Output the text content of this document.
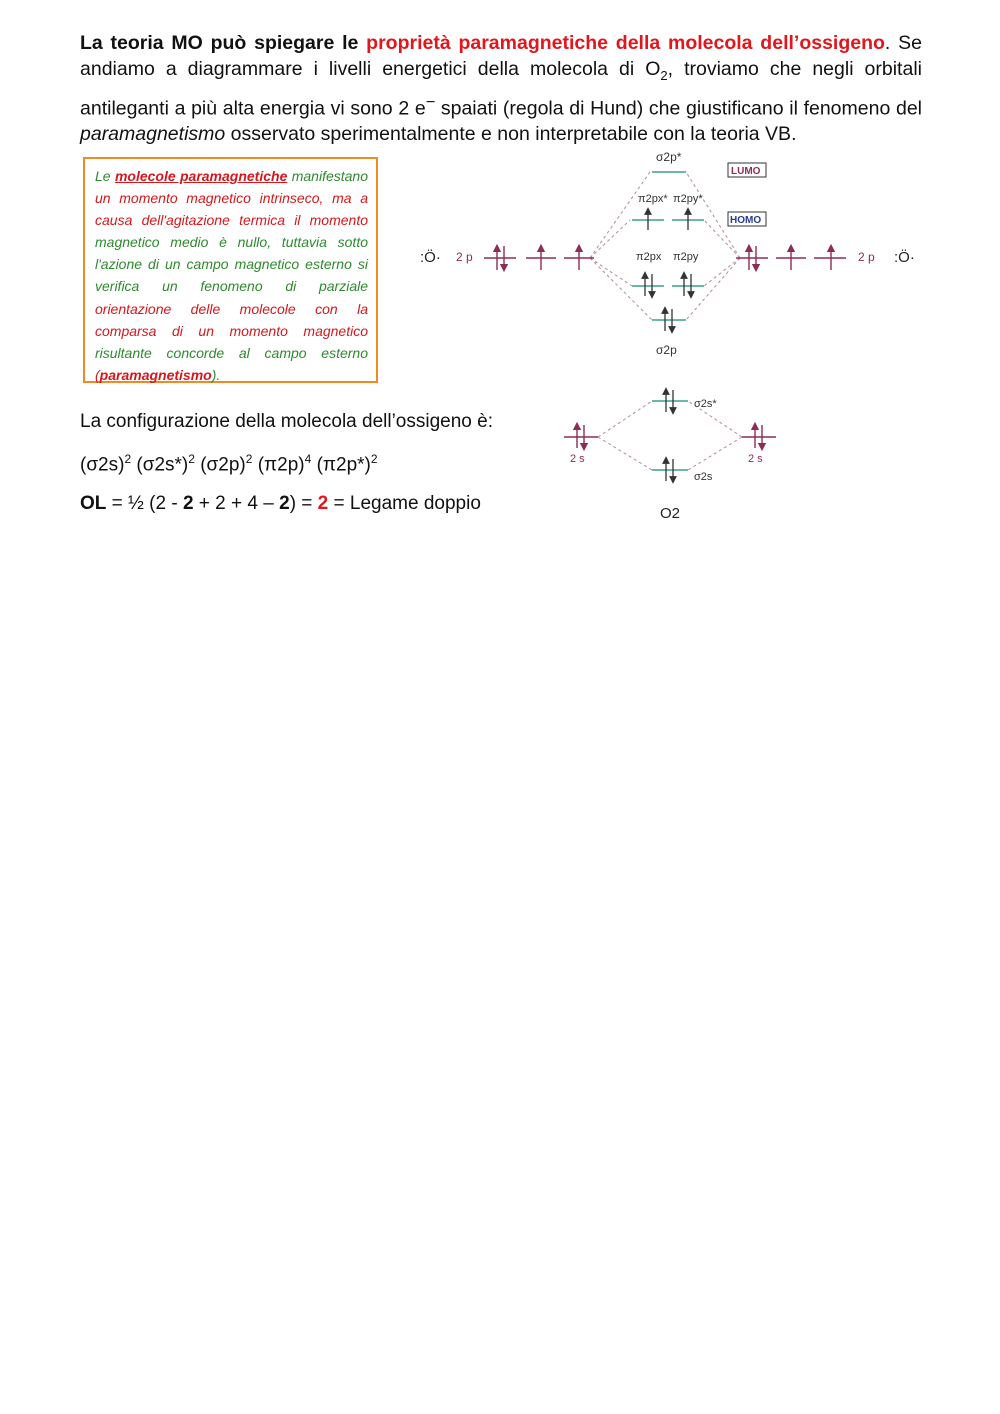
La teoria MO può spiegare le proprietà paramagnetiche della molecola dell’ossigeno. Se andiamo a diagrammare i livelli energetici della molecola di $O_2$, troviamo che negli orbitali antileganti a più alta energia vi sono 2 e− spaiati (regola di Hund) che giustificano il fenomeno del paramagnetismo osservato sperimentalmente e non interpretabile con la teoria VB.
Le molecole paramagnetiche manifestano un momento magnetico intrinseco, ma a causa dell'agitazione termica il momento magnetico medio è nullo, tuttavia sotto l'azione di un campo magnetico esterno si verifica un fenomeno di parziale orientazione delle molecole con la comparsa di un momento magnetico risultante concorde al campo esterno (paramagnetismo).
La configurazione della molecola dell’ossigeno è:
$(\sigma 2s)^2$ $(\sigma 2s*)^2$ $(\sigma 2p)^2$ $(\pi 2p)^4$ $(\pi 2p*)^2$
OL = ½ (2 - 2 + 2 + 4 – 2) = 2 = Legame doppio
:Ö· 2 p	2 p :Ö·
σ2p*
LUMO
π2px* π2py*
HOMO
π2px π2py
σ2p
2 s	2 s
σ2s*
σ2s
O2
